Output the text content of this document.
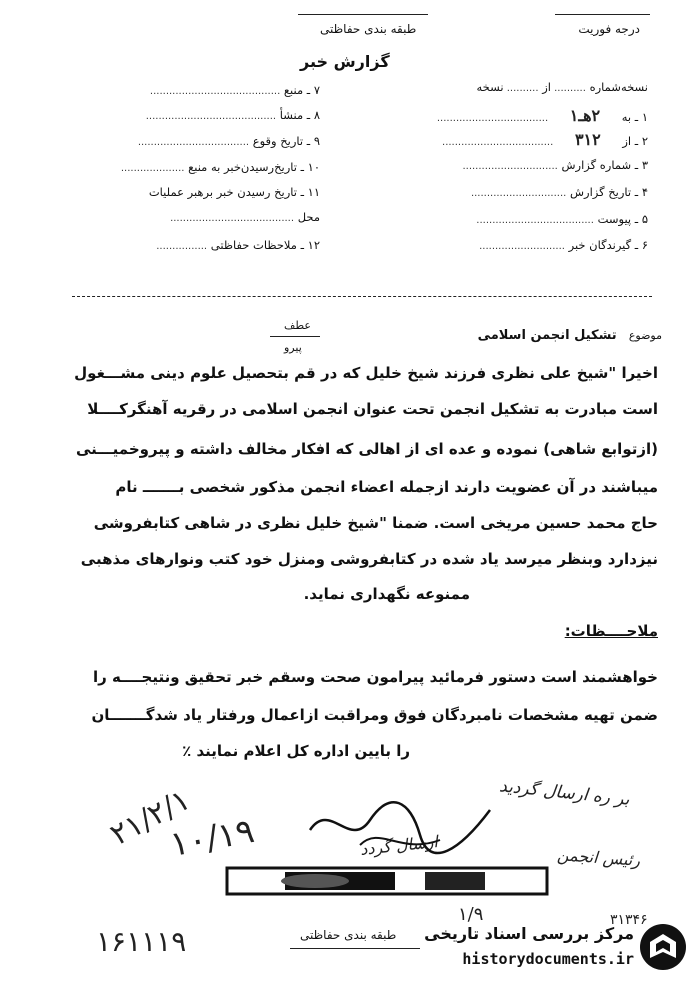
درجه فوریت
طبقه بندی حفاظتی
گزارش خبر
نسخه‌شماره .......... از .......... نسخه
۱ ـ به ۲هـ۱ ...................................
۲ ـ از ۳۱۲ ...................................
۳ ـ شماره گزارش ..............................
۴ ـ تاریخ گزارش ..............................
۵ ـ پیوست .....................................
۶ ـ گیرندگان خبر ...........................
۷ ـ منبع .........................................
۸ ـ منشأ .........................................
۹ ـ تاریخ وقوع ...................................
۱۰ ـ تاریخ‌رسیدن‌خبر به منبع ....................
۱۱ ـ تاریخ رسیدن خبر برهبر عملیات
محل .......................................
۱۲ ـ ملاحظات حفاظتی ................
عطف
پیرو
موضوع تشکیل انجمن اسلامی
اخیرا "شیخ علی نظری فرزند شیخ خلیل که در قم بتحصیل علوم دینی مشـــغول
است مبادرت به تشکیل انجمن تحت عنوان انجمن اسلامی در رقریه آهنگرکــــلا
(ازتوابع شاهی) نموده و عده ای از اهالی که افکار مخالف داشته و پیروخمیـــنی
میباشند در آن عضویت دارند ازجمله اعضاء انجمن مذکور شخصی بـــــــ نام
حاج محمد حسین مریخی است. ضمنا "شیخ خلیل نظری در شاهی کتابفروشی
نیزدارد وبنظر میرسد یاد شده در کتابفروشی ومنزل خود کتب ونوارهای مذهبی
ممنوعه نگهداری نماید.
ملاحــــظات:
خواهشمند است دستور فرمائید پیرامون صحت وسقم خبر تحقیق ونتیجــــه را
ضمن تهیه مشخصات نامبردگان فوق ومراقبت ازاعمال ورفتار یاد شدگـــــــان
را بایین اداره کل اعلام نمایند ٪
بر ره ارسال گردید
رئیس انجمن
ارسال گردد
۲۱/۲/۱
۱۰/۱۹
۱/۹
۱۶۱۱۱۹	طبقه بندی حفاظتی
۳۱۳۴۶
مرکز بررسی اسناد تاریخی
historydocuments.ir
